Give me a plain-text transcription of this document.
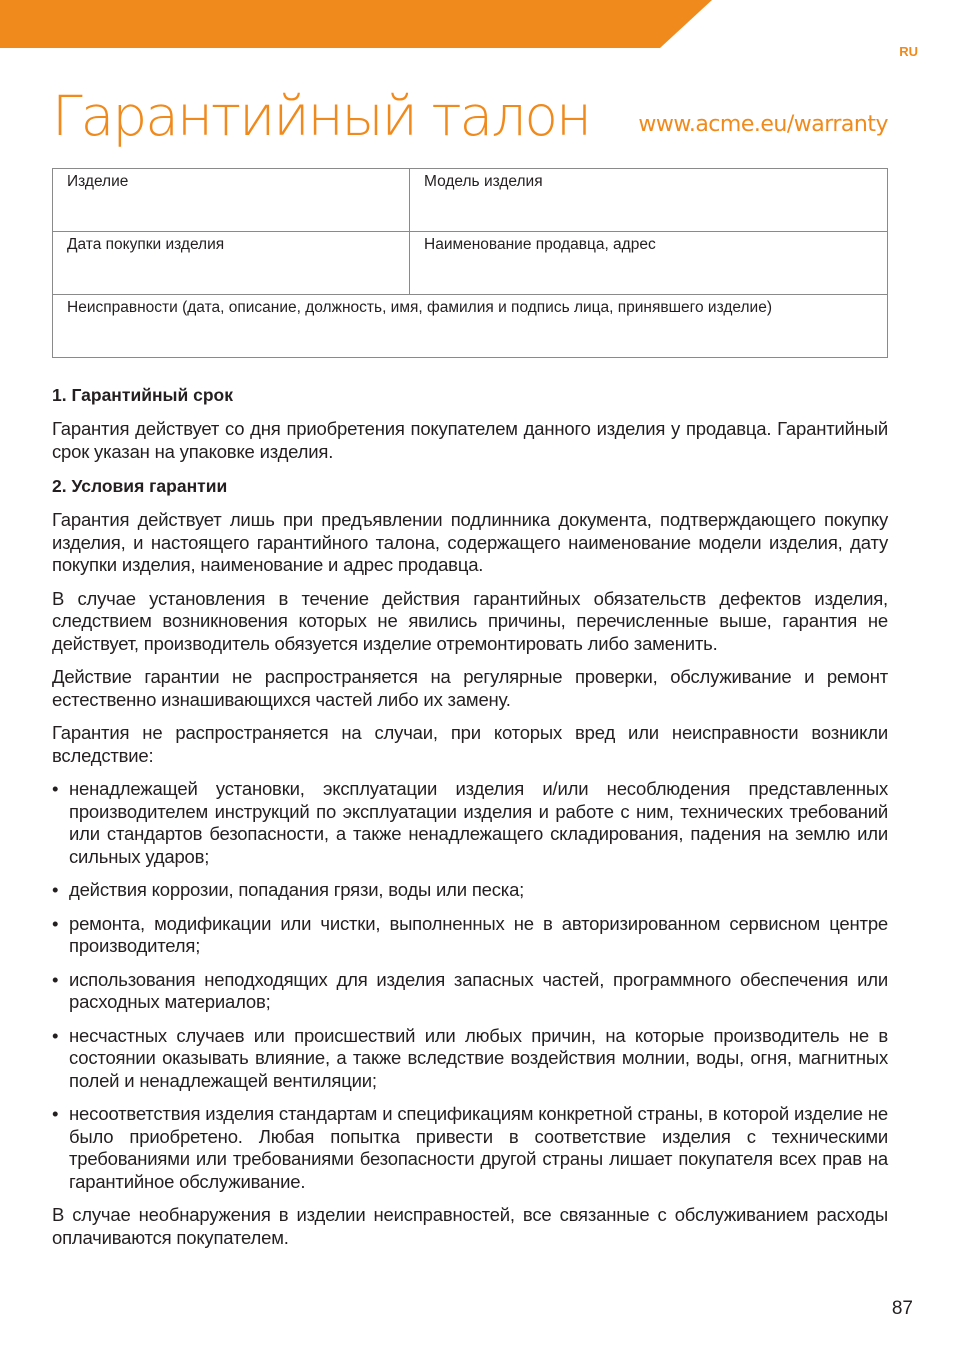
RU
Гарантийный талон www.acme.eu/warranty
Изделие	Модель изделия
Дата покупки изделия	Наименование продавца, адрес
Неисправности (дата, описание, должность, имя, фамилия и подпись лица, принявшего изделие)	
1. Гарантийный срок

Гарантия действует со дня приобретения покупателем данного изделия у продавца. Гарантийный срок указан на упаковке изделия.

2. Условия гарантии

Гарантия действует лишь при предъявлении подлинника документа, подтверждающего покупку изделия, и настоящего гарантийного талона, содержащего наименование модели изделия, дату покупки изделия, наименование и адрес продавца.

В случае установления в течение действия гарантийных обязательств дефектов изделия, следствием возникновения которых не явились причины, перечисленные выше, гарантия не действует, производитель обязуется изделие отремонтировать либо заменить.

Действие гарантии не распространяется на регулярные проверки, обслуживание и ремонт естественно изнашивающихся частей либо их замену.

Гарантия не распространяется на случаи, при которых вред или неисправности возникли вследствие:

• ненадлежащей установки, эксплуатации изделия и/или несоблюдения представленных производителем инструкций по эксплуатации изделия и работе с ним, технических требований или стандартов безопасности, а также ненадлежащего складирования, падения на землю или сильных ударов;
• действия коррозии, попадания грязи, воды или песка;
• ремонта, модификации или чистки, выполненных не в авторизированном сервисном центре производителя;
• использования неподходящих для изделия запасных частей, программного обеспечения или расходных материалов;
• несчастных случаев или происшествий или любых причин, на которые производитель не в состоянии оказывать влияние, а также вследствие воздействия молнии, воды, огня, магнитных полей и ненадлежащей вентиляции;
• несоответствия изделия стандартам и спецификациям конкретной страны, в которой изделие не было приобретено. Любая попытка привести в соответствие изделия с техническими требованиями или требованиями безопасности другой страны лишает покупателя всех прав на гарантийное обслуживание.

В случае необнаружения в изделии неисправностей, все связанные с обслуживанием расходы оплачиваются покупателем.

87
